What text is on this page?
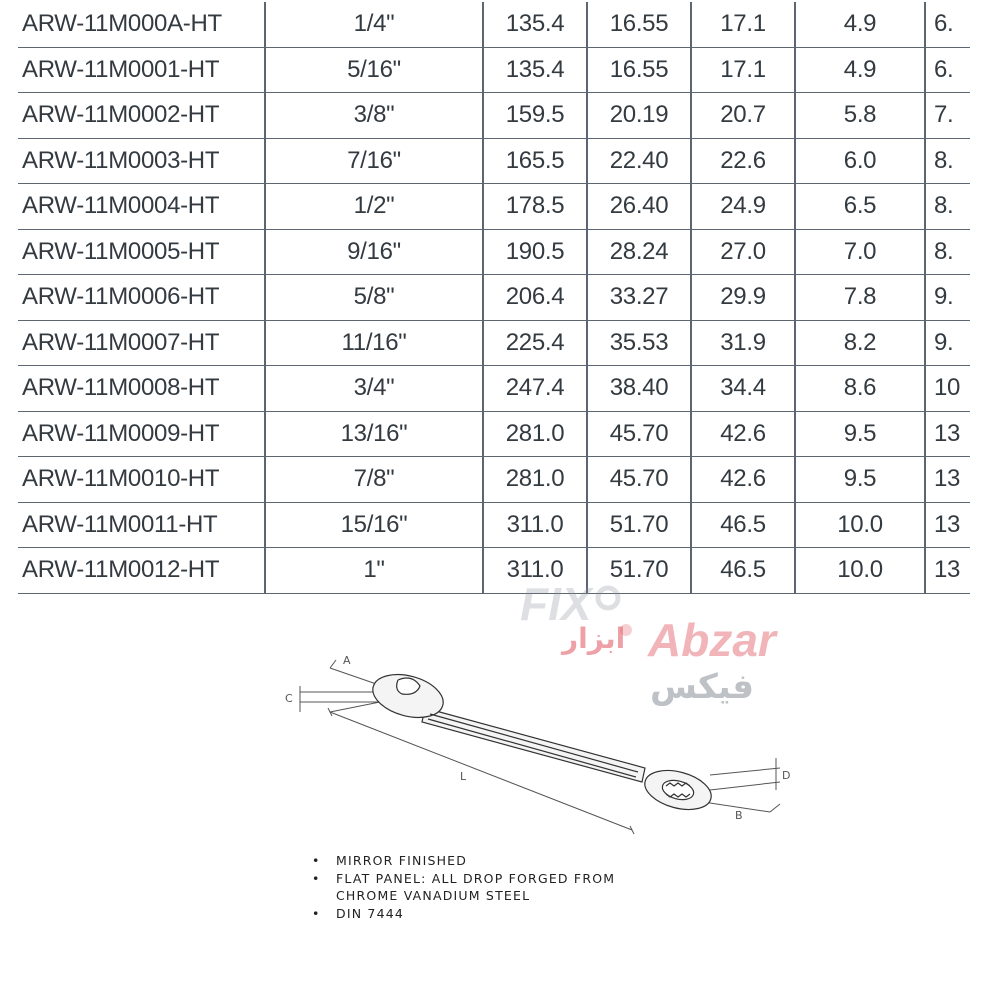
ARW-11M000A-HT	1/4"	135.4	16.55	17.1	4.9	6.
ARW-11M0001-HT	5/16"	135.4	16.55	17.1	4.9	6.
ARW-11M0002-HT	3/8"	159.5	20.19	20.7	5.8	7.
ARW-11M0003-HT	7/16"	165.5	22.40	22.6	6.0	8.
ARW-11M0004-HT	1/2"	178.5	26.40	24.9	6.5	8.
ARW-11M0005-HT	9/16"	190.5	28.24	27.0	7.0	8.
ARW-11M0006-HT	5/8"	206.4	33.27	29.9	7.8	9.
ARW-11M0007-HT	11/16"	225.4	35.53	31.9	8.2	9.
ARW-11M0008-HT	3/4"	247.4	38.40	34.4	8.6	10
ARW-11M0009-HT	13/16"	281.0	45.70	42.6	9.5	13
ARW-11M0010-HT	7/8"	281.0	45.70	42.6	9.5	13
ARW-11M0011-HT	15/16"	311.0	51.70	46.5	10.0	13
ARW-11M0012-HT	1"	311.0	51.70	46.5	10.0	13
FIX
Abzar
ابزار
فیکس
A
C
L
B
D
• MIRROR FINISHED
• FLAT PANEL: ALL DROP FORGED FROM
CHROME VANADIUM STEEL
• DIN 7444
